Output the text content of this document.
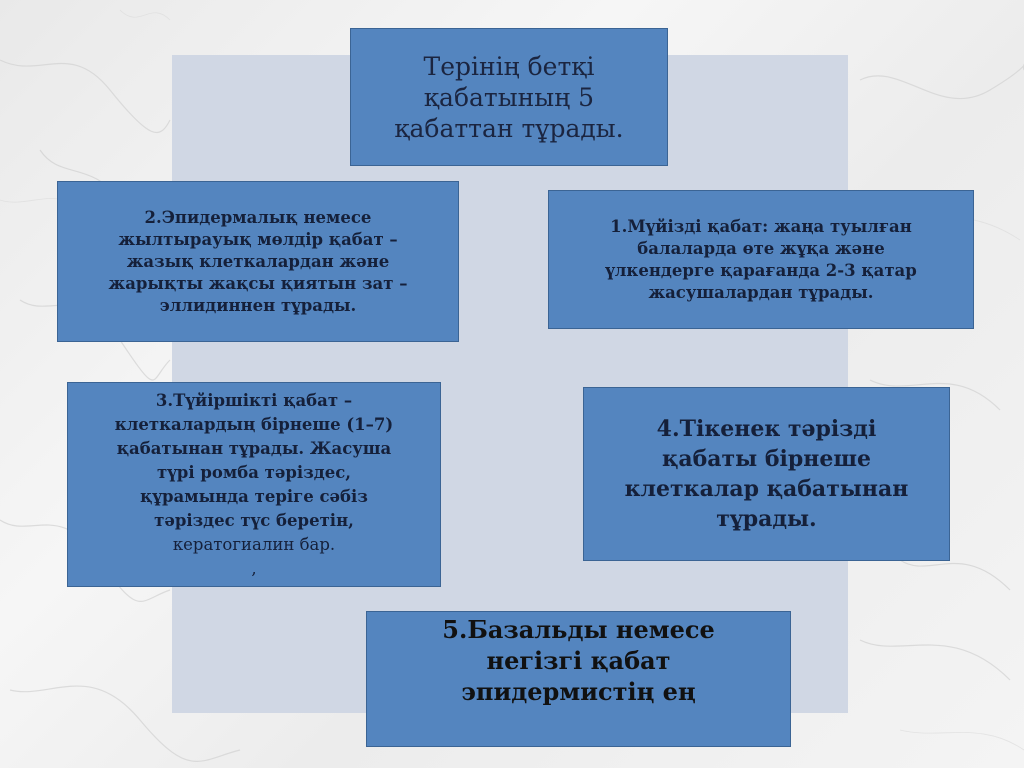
Терінің бетқі
қабатының 5
қабаттан тұрады.

2.Эпидермалық немесе
жылтырауық мөлдір қабат –
жазық клеткалардан және
жарықты жақсы қиятын зат –
эллидиннен тұрады.

1.Мүйізді қабат: жаңа туылған
балаларда өте жұқа және
үлкендерге қарағанда 2-3 қатар
жасушалардан тұрады.

3.Түйіршікті қабат –
клеткалардың бірнеше (1–7)
қабатынан тұрады. Жасуша
түрі ромба тәріздес,
құрамында теріге сәбіз
тәріздес түс беретін,
кератогиалин бар.
,

4.Тікенек тәрізді
қабаты бірнеше
клеткалар қабатынан
тұрады.

5.Базальды немесе
негізгі қабат
эпидермистің ең
